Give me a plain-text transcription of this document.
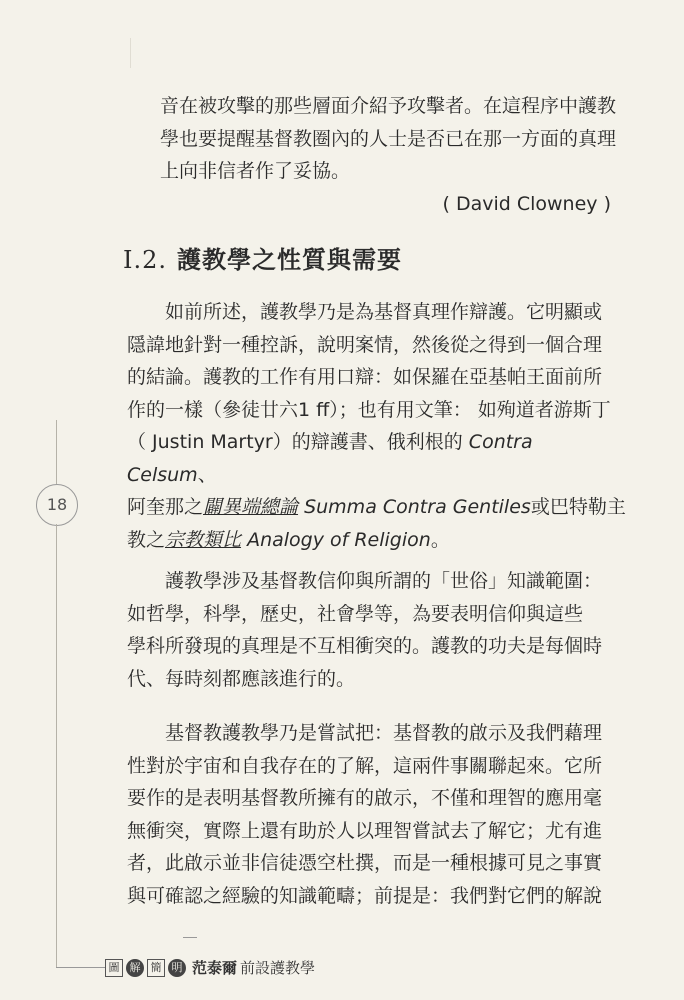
音在被攻擊的那些層面介紹予攻擊者。在這程序中護教

學也要提醒基督教圈內的人士是否已在那一方面的真理

上向非信者作了妥協。

( David Clowney )
I.2. 護教學之性質與需要

如前所述，護教學乃是為基督真理作辯護。它明顯或

隱諱地針對一種控訴，說明案情，然後從之得到一個合理

的結論。護教的工作有用口辯：如保羅在亞基帕王面前所

作的一樣（參徒廿六1 ff）；也有用文筆： 如殉道者游斯丁

（ Justin Martyr）的辯護書、俄利根的 Contra Celsum、

阿奎那之闢異端總論 Summa Contra Gentiles或巴特勒主

教之宗教類比 Analogy of Religion。

護教學涉及基督教信仰與所謂的「世俗」知識範圍：

如哲學，科學，歷史，社會學等，為要表明信仰與這些

學科所發現的真理是不互相衝突的。護教的功夫是每個時

代、每時刻都應該進行的。

基督教護教學乃是嘗試把：基督教的啟示及我們藉理

性對於宇宙和自我存在的了解，這兩件事關聯起來。它所

要作的是表明基督教所擁有的啟示，不僅和理智的應用毫

無衝突，實際上還有助於人以理智嘗試去了解它；尤有進

者，此啟示並非信徒憑空杜撰，而是一種根據可見之事實

與可確認之經驗的知識範疇；前提是：我們對它們的解說

18
圖 解 簡 明 范泰爾 前設護教學
